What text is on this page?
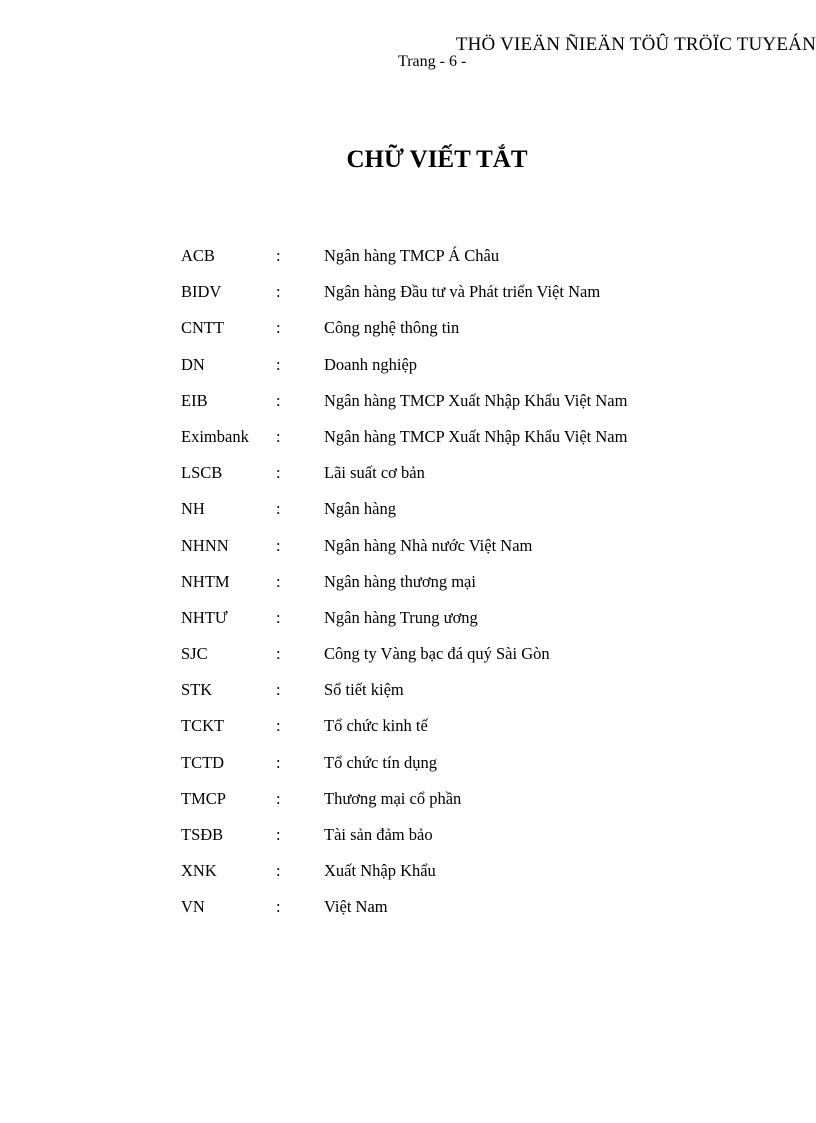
THÖ VIEÄN ÑIEÄN TÖÛ TRÖÏC TUYEÁN
Trang - 6 -
CHỮ VIẾT TẮT
ACB	:	Ngân hàng TMCP Á Châu
BIDV	:	Ngân hàng Đầu tư và Phát triển Việt Nam
CNTT	:	Công nghệ thông tin
DN	:	Doanh nghiệp
EIB	:	Ngân hàng TMCP Xuất Nhập Khẩu Việt Nam
Eximbank :	Ngân hàng TMCP Xuất Nhập Khẩu Việt Nam
LSCB	:	Lãi suất cơ bản
NH	:	Ngân hàng
NHNN	:	Ngân hàng Nhà nước Việt Nam
NHTM	:	Ngân hàng thương mại
NHTƯ	:	Ngân hàng Trung ương
SJC	:	Công ty Vàng bạc đá quý Sài Gòn
STK	:	Sổ tiết kiệm
TCKT	:	Tổ chức kinh tế
TCTD	:	Tổ chức tín dụng
TMCP	:	Thương mại cổ phần
TSĐB	:	Tài sản đảm bảo
XNK	:	Xuất Nhập Khẩu
VN	:	Việt Nam
